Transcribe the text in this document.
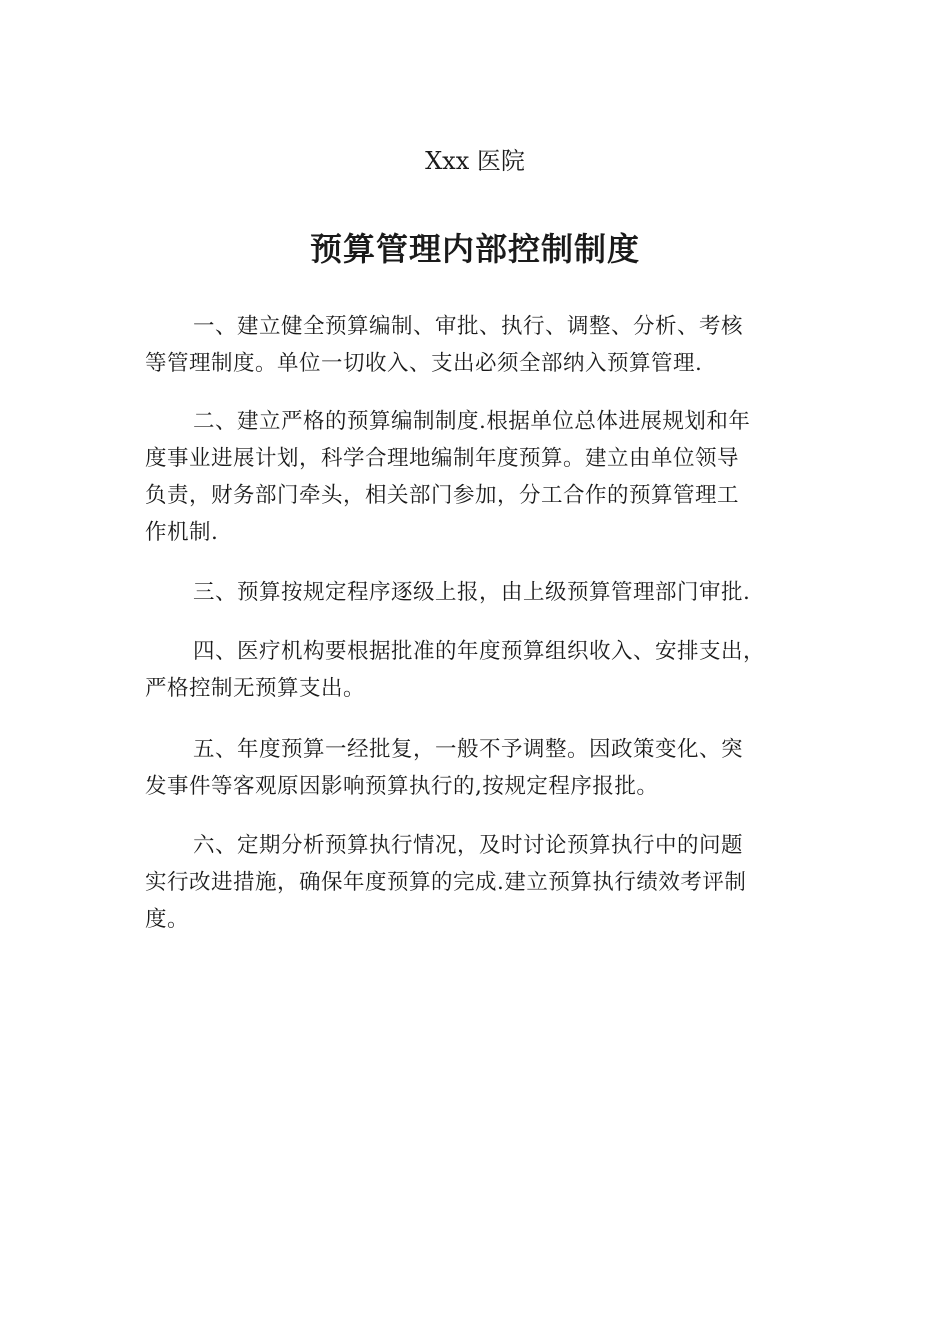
Xxx 医院
预算管理内部控制制度
一、建立健全预算编制、审批、执行、调整、分析、考核
等管理制度。单位一切收入、支出必须全部纳入预算管理.
二、建立严格的预算编制制度.根据单位总体进展规划和年
度事业进展计划，科学合理地编制年度预算。建立由单位领导
负责，财务部门牵头，相关部门参加，分工合作的预算管理工
作机制.
三、预算按规定程序逐级上报，由上级预算管理部门审批.
四、医疗机构要根据批准的年度预算组织收入、安排支出，
严格控制无预算支出。
五、年度预算一经批复，一般不予调整。因政策变化、突
发事件等客观原因影响预算执行的,按规定程序报批。
六、定期分析预算执行情况，及时讨论预算执行中的问题
实行改进措施，确保年度预算的完成.建立预算执行绩效考评制
度。
